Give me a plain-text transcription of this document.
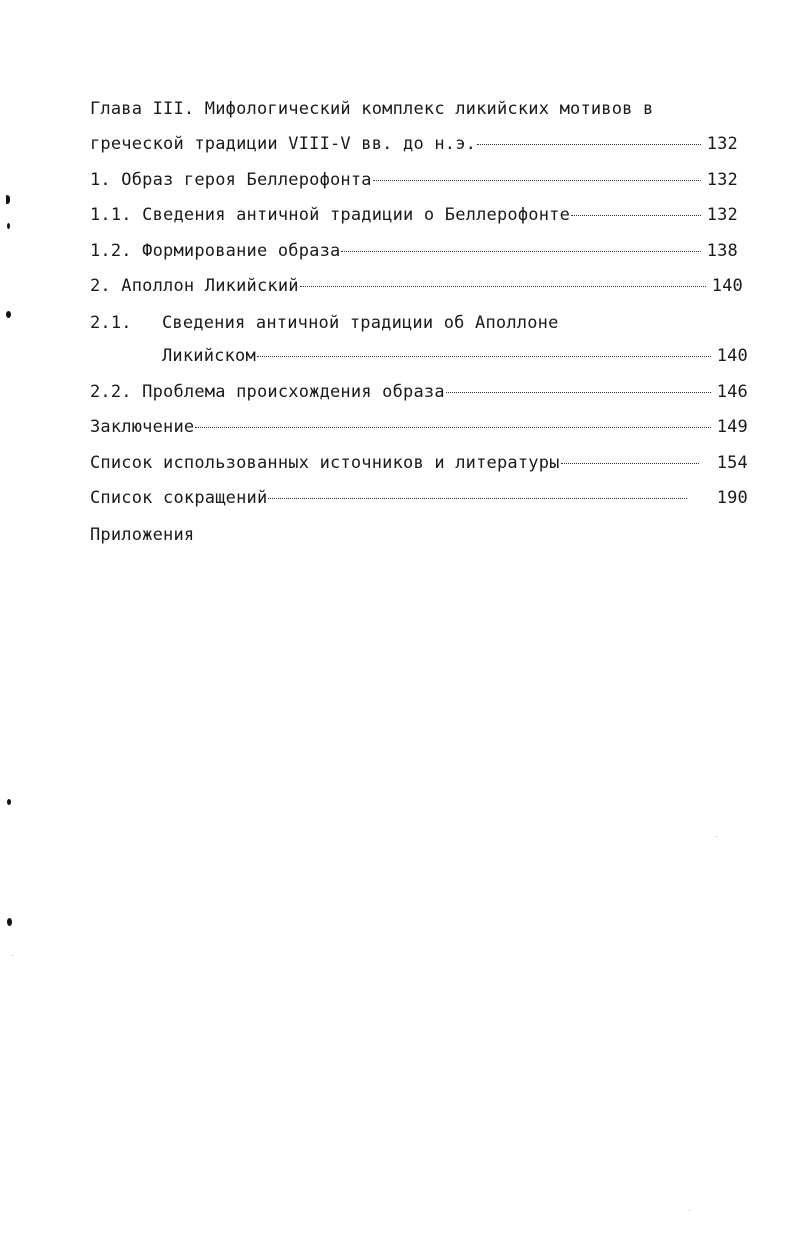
Глава III. Мифологический комплекс ликийских мотивов в
греческой традиции VIII-V вв. до н.э.	132
1. Образ героя Беллерофонта	132
1.1. Сведения античной традиции о Беллерофонте	132
1.2. Формирование образа	138
2. Аполлон Ликийский	140
2.1. Сведения античной традиции об Аполлоне
Ликийском	140
2.2. Проблема происхождения образа	146
Заключение	149
Список использованных источников и литературы	154
Список сокращений	190
Приложения
